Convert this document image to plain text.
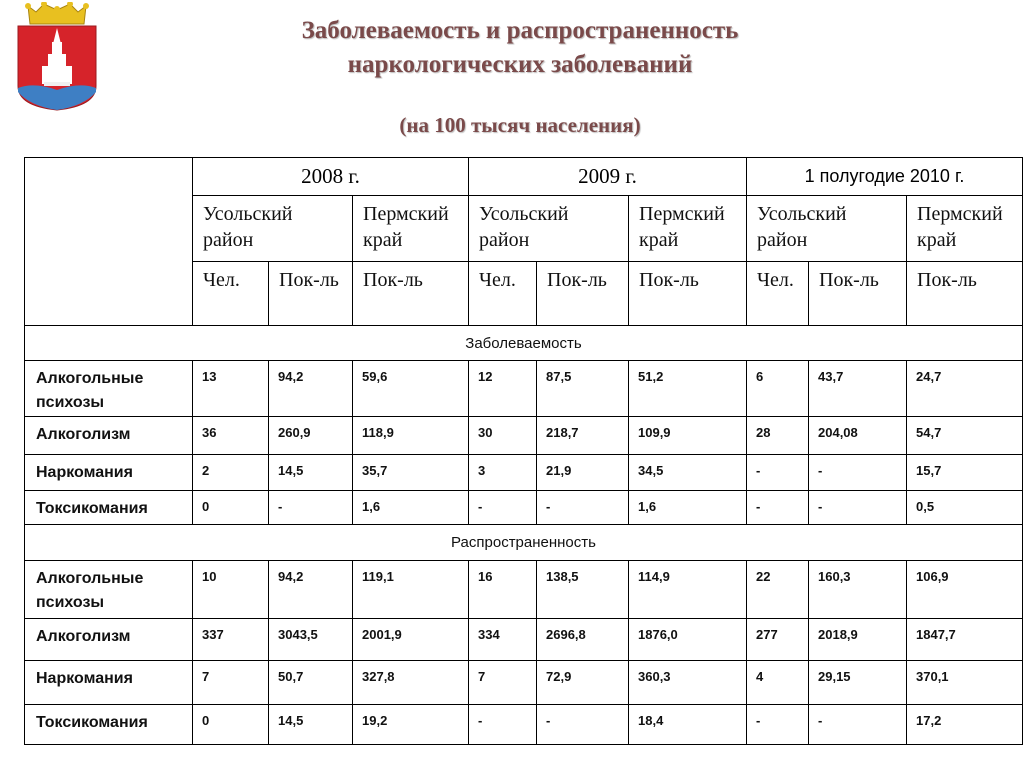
Заболеваемость и распространенность
наркологических заболеваний
(на 100 тысяч населения)
	2008 г.			2009 г.			1 полугодие 2010 г.		
	Усольский район		Пермский край	Усольский район		Пермский край	Усольский район		Пермский край
	Чел.	Пок-ль	Пок-ль	Чел.	Пок-ль	Пок-ль	Чел.	Пок-ль	Пок-ль
Заболеваемость									
Алкогольные психозы	13	94,2	59,6	12	87,5	51,2	6	43,7	24,7
Алкоголизм	36	260,9	118,9	30	218,7	109,9	28	204,08	54,7
Наркомания	2	14,5	35,7	3	21,9	34,5	-	-	15,7
Токсикомания	0	-	1,6	-	-	1,6	-	-	0,5
Распространенность									
Алкогольные психозы	10	94,2	119,1	16	138,5	114,9	22	160,3	106,9
Алкоголизм	337	3043,5	2001,9	334	2696,8	1876,0	277	2018,9	1847,7
Наркомания	7	50,7	327,8	7	72,9	360,3	4	29,15	370,1
Токсикомания	0	14,5	19,2	-	-	18,4	-	-	17,2
